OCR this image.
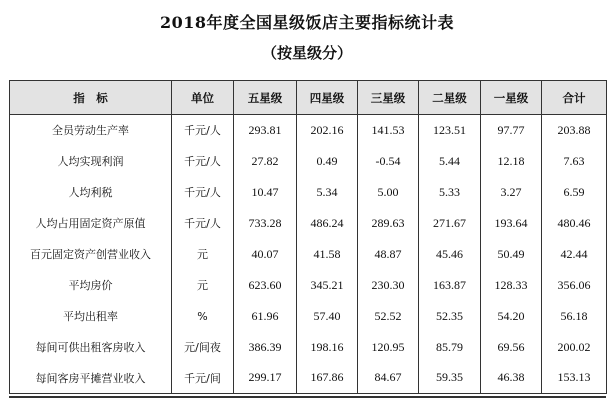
2018年度全国星级饭店主要指标统计表
（按星级分）
指　标	单位	五星级	四星级	三星级	二星级	一星级	合计
全员劳动生产率	千元/人	293.81	202.16	141.53	123.51	97.77	203.88
人均实现利润	千元/人	27.82	0.49	-0.54	5.44	12.18	7.63
人均利税	千元/人	10.47	5.34	5.00	5.33	3.27	6.59
人均占用固定资产原值	千元/人	733.28	486.24	289.63	271.67	193.64	480.46
百元固定资产创营业收入	元	40.07	41.58	48.87	45.46	50.49	42.44
平均房价	元	623.60	345.21	230.30	163.87	128.33	356.06
平均出租率	%	61.96	57.40	52.52	52.35	54.20	56.18
每间可供出租客房收入	元/间夜	386.39	198.16	120.95	85.79	69.56	200.02
每间客房平摊营业收入	千元/间	299.17	167.86	84.67	59.35	46.38	153.13
